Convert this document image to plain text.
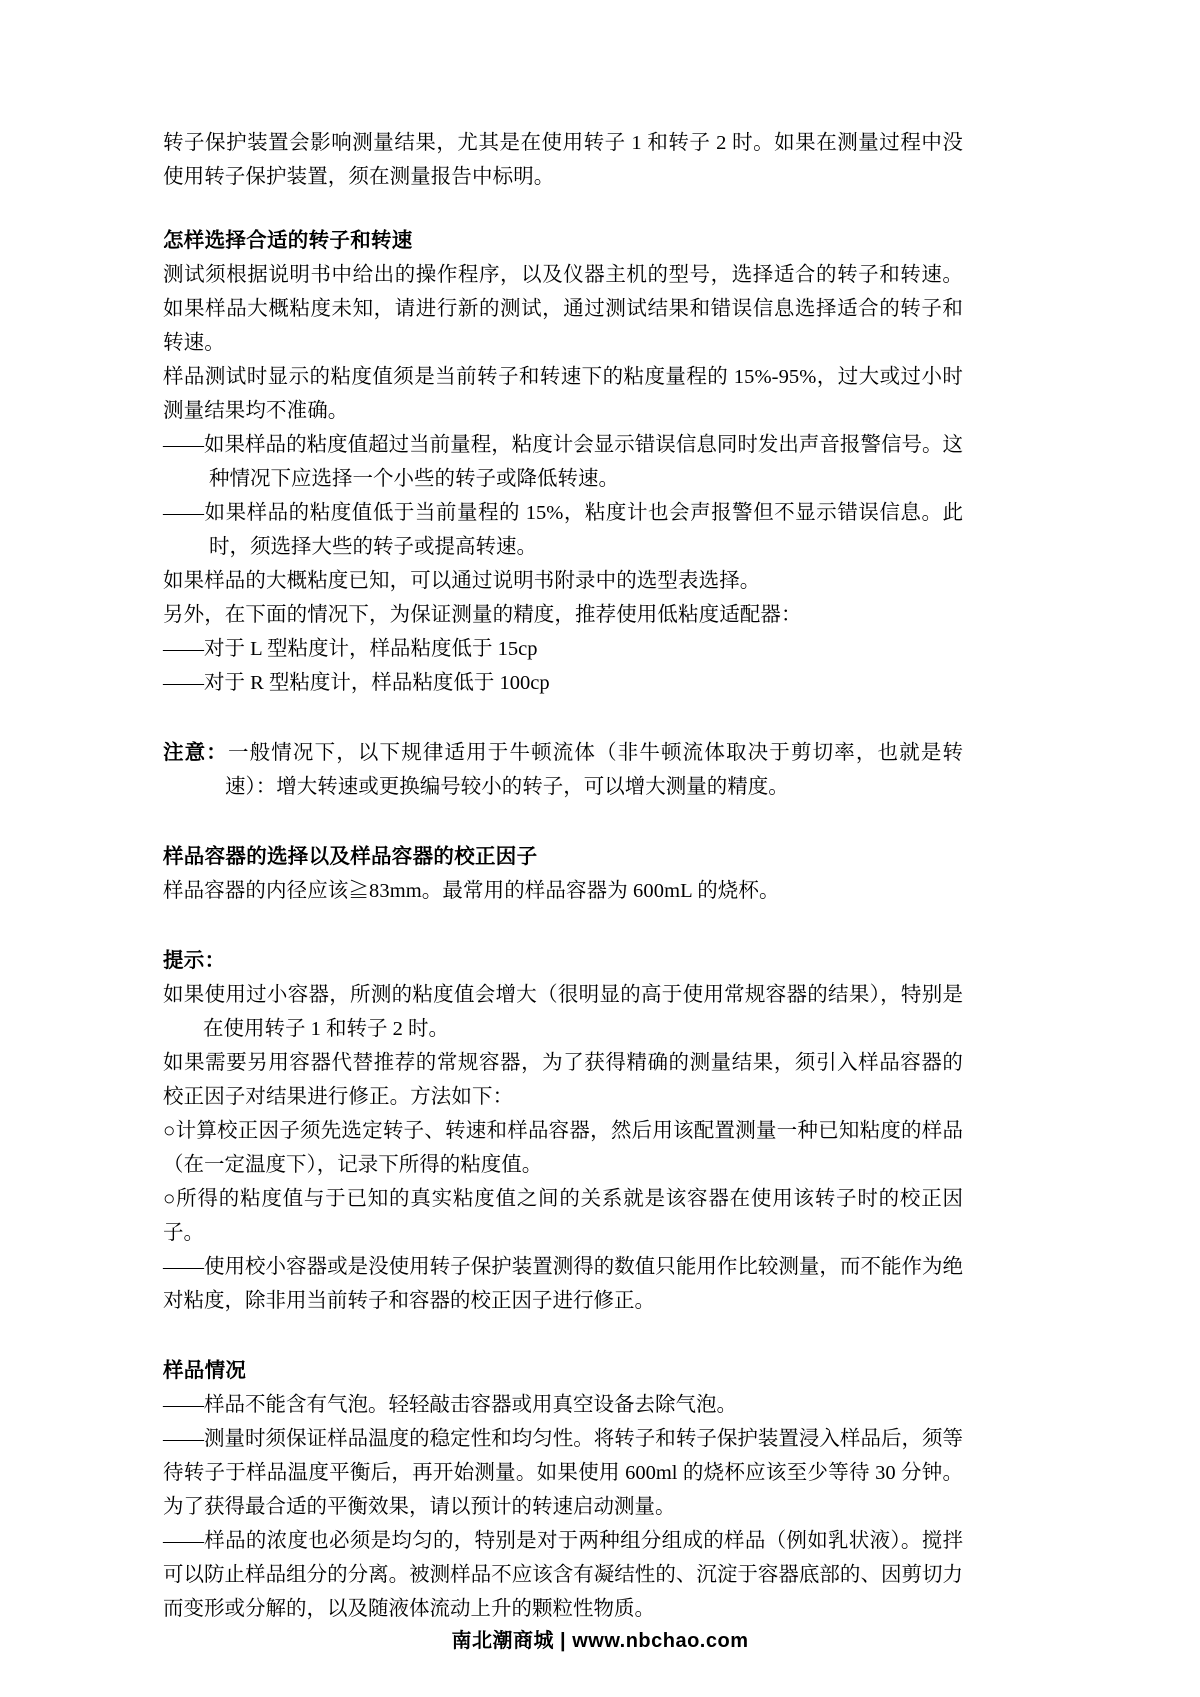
转子保护装置会影响测量结果，尤其是在使用转子 1 和转子 2 时。如果在测量过程中没使用转子保护装置，须在测量报告中标明。

怎样选择合适的转子和转速

测试须根据说明书中给出的操作程序，以及仪器主机的型号，选择适合的转子和转速。如果样品大概粘度未知，请进行新的测试，通过测试结果和错误信息选择适合的转子和转速。

样品测试时显示的粘度值须是当前转子和转速下的粘度量程的 15%-95%，过大或过小时测量结果均不准确。

——如果样品的粘度值超过当前量程，粘度计会显示错误信息同时发出声音报警信号。这种情况下应选择一个小些的转子或降低转速。

——如果样品的粘度值低于当前量程的 15%，粘度计也会声报警但不显示错误信息。此时，须选择大些的转子或提高转速。

如果样品的大概粘度已知，可以通过说明书附录中的选型表选择。

另外，在下面的情况下，为保证测量的精度，推荐使用低粘度适配器：

——对于 L 型粘度计，样品粘度低于 15cp

——对于 R 型粘度计，样品粘度低于 100cp

注意：一般情况下，以下规律适用于牛顿流体（非牛顿流体取决于剪切率，也就是转速）：增大转速或更换编号较小的转子，可以增大测量的精度。

样品容器的选择以及样品容器的校正因子

样品容器的内径应该≧83mm。最常用的样品容器为 600mL 的烧杯。

提示：

如果使用过小容器，所测的粘度值会增大（很明显的高于使用常规容器的结果），特别是在使用转子 1 和转子 2 时。

如果需要另用容器代替推荐的常规容器，为了获得精确的测量结果，须引入样品容器的校正因子对结果进行修正。方法如下：

○计算校正因子须先选定转子、转速和样品容器，然后用该配置测量一种已知粘度的样品（在一定温度下），记录下所得的粘度值。

○所得的粘度值与于已知的真实粘度值之间的关系就是该容器在使用该转子时的校正因子。

——使用校小容器或是没使用转子保护装置测得的数值只能用作比较测量，而不能作为绝对粘度，除非用当前转子和容器的校正因子进行修正。

样品情况

——样品不能含有气泡。轻轻敲击容器或用真空设备去除气泡。

——测量时须保证样品温度的稳定性和均匀性。将转子和转子保护装置浸入样品后，须等待转子于样品温度平衡后，再开始测量。如果使用 600ml 的烧杯应该至少等待 30 分钟。为了获得最合适的平衡效果，请以预计的转速启动测量。

——样品的浓度也必须是均匀的，特别是对于两种组分组成的样品（例如乳状液）。搅拌可以防止样品组分的分离。被测样品不应该含有凝结性的、沉淀于容器底部的、因剪切力而变形或分解的，以及随液体流动上升的颗粒性物质。

南北潮商城 | www.nbchao.com
